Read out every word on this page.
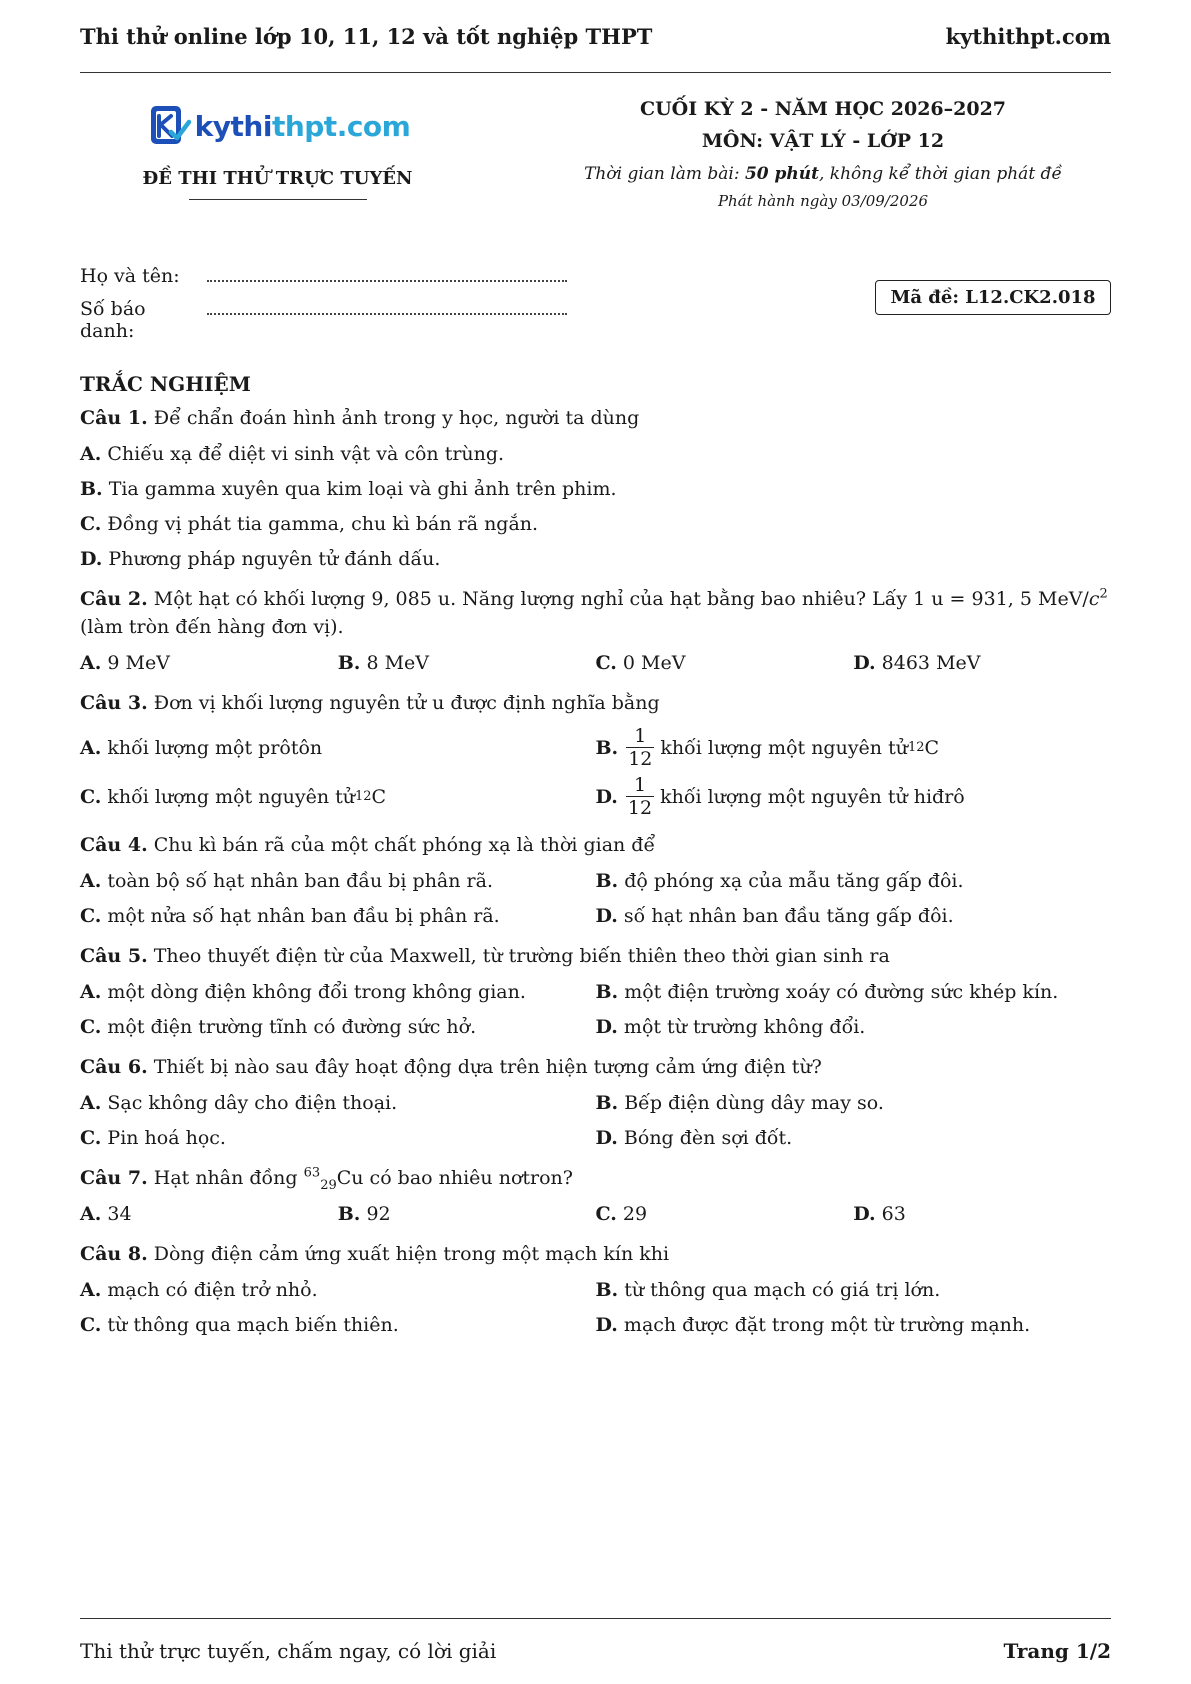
Thi thử online lớp 10, 11, 12 và tốt nghiệp THPT	kythithpt.com
kythithpt.com
ĐỀ THI THỬ TRỰC TUYẾN
CUỐI KỲ 2 - NĂM HỌC 2026–2027
MÔN: VẬT LÝ - LỚP 12
Thời gian làm bài: 50 phút, không kể thời gian phát đề
Phát hành ngày 03/09/2026
Họ và tên:
Số báo danh:
Mã đề: L12.CK2.018
TRẮC NGHIỆM
Câu 1. Để chẩn đoán hình ảnh trong y học, người ta dùng
A. Chiếu xạ để diệt vi sinh vật và côn trùng.
B. Tia gamma xuyên qua kim loại và ghi ảnh trên phim.
C. Đồng vị phát tia gamma, chu kì bán rã ngắn.
D. Phương pháp nguyên tử đánh dấu.
Câu 2. Một hạt có khối lượng 9, 085 u. Năng lượng nghỉ của hạt bằng bao nhiêu? Lấy 1 u = 931, 5 MeV/$c^2$
(làm tròn đến hàng đơn vị).
A. 9 MeV	B. 8 MeV	C. 0 MeV	D. 8463 MeV
Câu 3. Đơn vị khối lượng nguyên tử u được định nghĩa bằng
A. khối lượng một prôtôn	B. $\frac{1}{12}$ khối lượng một nguyên tử 12 C
C. khối lượng một nguyên tử 12 C	D. $\frac{1}{12}$ khối lượng một nguyên tử hiđrô
Câu 4. Chu kì bán rã của một chất phóng xạ là thời gian để
A. toàn bộ số hạt nhân ban đầu bị phân rã.	B. độ phóng xạ của mẫu tăng gấp đôi.
C. một nửa số hạt nhân ban đầu bị phân rã.	D. số hạt nhân ban đầu tăng gấp đôi.
Câu 5. Theo thuyết điện từ của Maxwell, từ trường biến thiên theo thời gian sinh ra
A. một dòng điện không đổi trong không gian.	B. một điện trường xoáy có đường sức khép kín.
C. một điện trường tĩnh có đường sức hở.	D. một từ trường không đổi.
Câu 6. Thiết bị nào sau đây hoạt động dựa trên hiện tượng cảm ứng điện từ?
A. Sạc không dây cho điện thoại.	B. Bếp điện dùng dây may so.
C. Pin hoá học.	D. Bóng đèn sợi đốt.
Câu 7. Hạt nhân đồng $^{63}_{29}$Cu có bao nhiêu nơtron?
A. 34	B. 92	C. 29	D. 63
Câu 8. Dòng điện cảm ứng xuất hiện trong một mạch kín khi
A. mạch có điện trở nhỏ.	B. từ thông qua mạch có giá trị lớn.
C. từ thông qua mạch biến thiên.	D. mạch được đặt trong một từ trường mạnh.
Thi thử trực tuyến, chấm ngay, có lời giải	Trang 1/2
